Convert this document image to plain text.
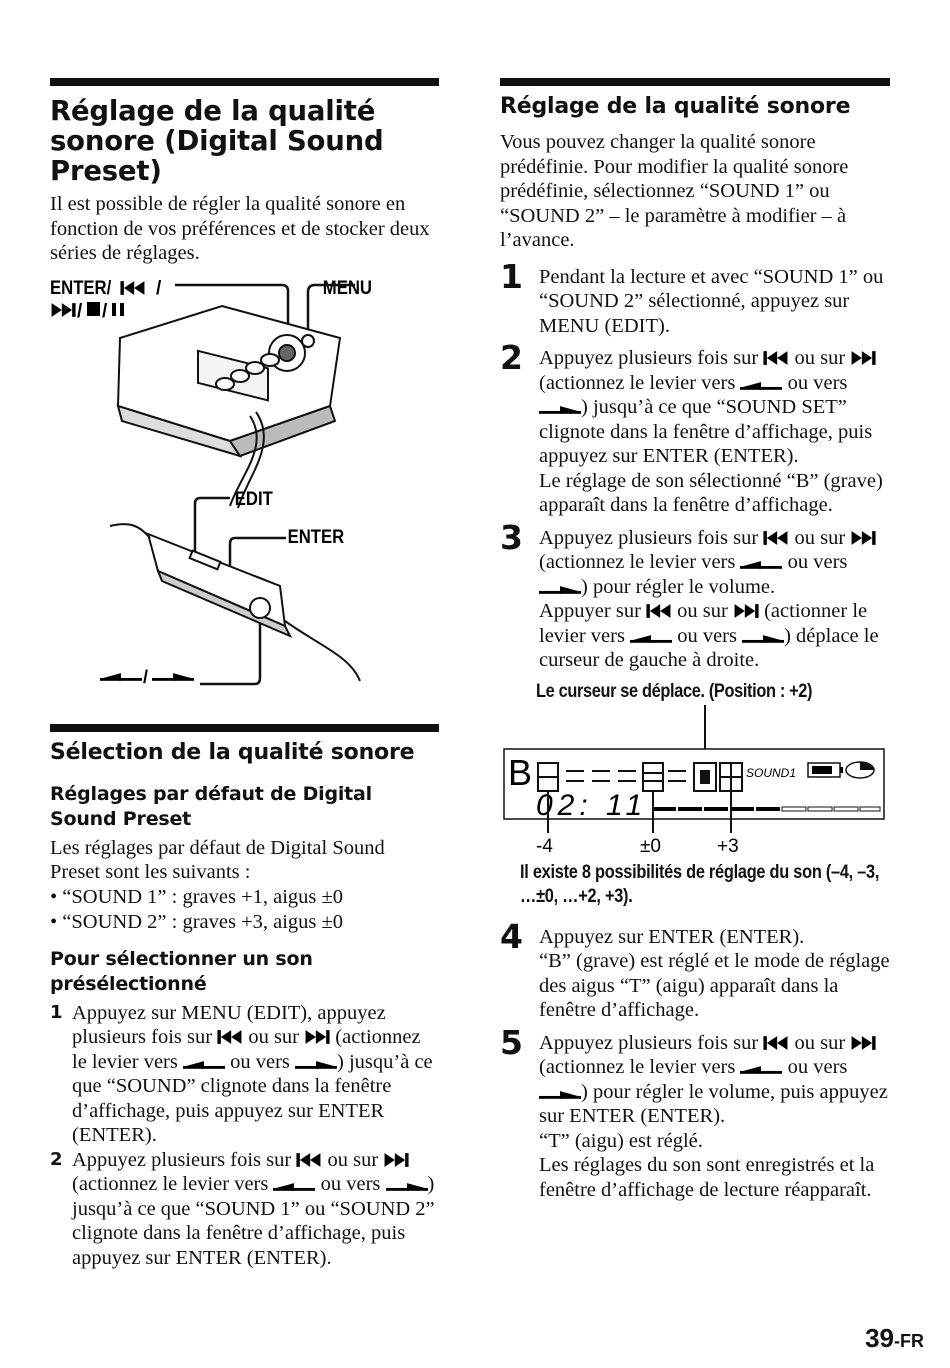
Réglage de la qualité sonore (Digital Sound Preset)

Il est possible de régler la qualité sonore en fonction de vos préférences et de stocker deux séries de réglages.

ENTER/ /
/ /
MENU
EDIT
ENTER
/
Sélection de la qualité sonore
Réglages par défaut de Digital Sound Preset

Les réglages par défaut de Digital Sound Preset sont les suivants :

• “SOUND 1” : graves +1, aigus ±0
• “SOUND 2” : graves +3, aigus ±0
Pour sélectionner un son présélectionné
1 Appuyez sur MENU (EDIT), appuyez plusieurs fois sur ou sur (actionnez le levier vers	ou vers ) jusqu’à ce que “SOUND” clignote dans la fenêtre d’affichage, puis appuyez sur ENTER (ENTER).
2 Appuyez plusieurs fois sur ou sur  (actionnez le levier vers	ou vers ) jusqu’à ce que “SOUND 1” ou “SOUND 2” clignote dans la fenêtre d’affichage, puis appuyez sur ENTER (ENTER).
Réglage de la qualité sonore

Vous pouvez changer la qualité sonore prédéfinie. Pour modifier la qualité sonore prédéfinie, sélectionnez “SOUND 1” ou “SOUND 2” – le paramètre à modifier – à l’avance.

1 Pendant la lecture et avec “SOUND 1” ou “SOUND 2” sélectionné, appuyez sur MENU (EDIT).
2 Appuyez plusieurs fois sur ou sur  (actionnez le levier vers	ou vers ) jusqu’à ce que “SOUND SET” clignote dans la fenêtre d’affichage, puis appuyez sur ENTER (ENTER).
Le réglage de son sélectionné “B” (grave) apparaît dans la fenêtre d’affichage.
3 Appuyez plusieurs fois sur ou sur  (actionnez le levier vers	ou vers ) pour régler le volume.
Appuyer sur ou sur (actionner le levier vers	ou vers ) déplace le curseur de gauche à droite.
Le curseur se déplace. (Position : +2)
B	SOUND1
02: 11
-4	±0	+3
Il existe 8 possibilités de réglage du son (–4, –3, …±0, …+2, +3).
4 Appuyez sur ENTER (ENTER).
“B” (grave) est réglé et le mode de réglage des aigus “T” (aigu) apparaît dans la fenêtre d’affichage.
5 Appuyez plusieurs fois sur ou sur  (actionnez le levier vers	ou vers ) pour régler le volume, puis appuyez sur ENTER (ENTER).
“T” (aigu) est réglé.
Les réglages du son sont enregistrés et la fenêtre d’affichage de lecture réapparaît.
39-FR
